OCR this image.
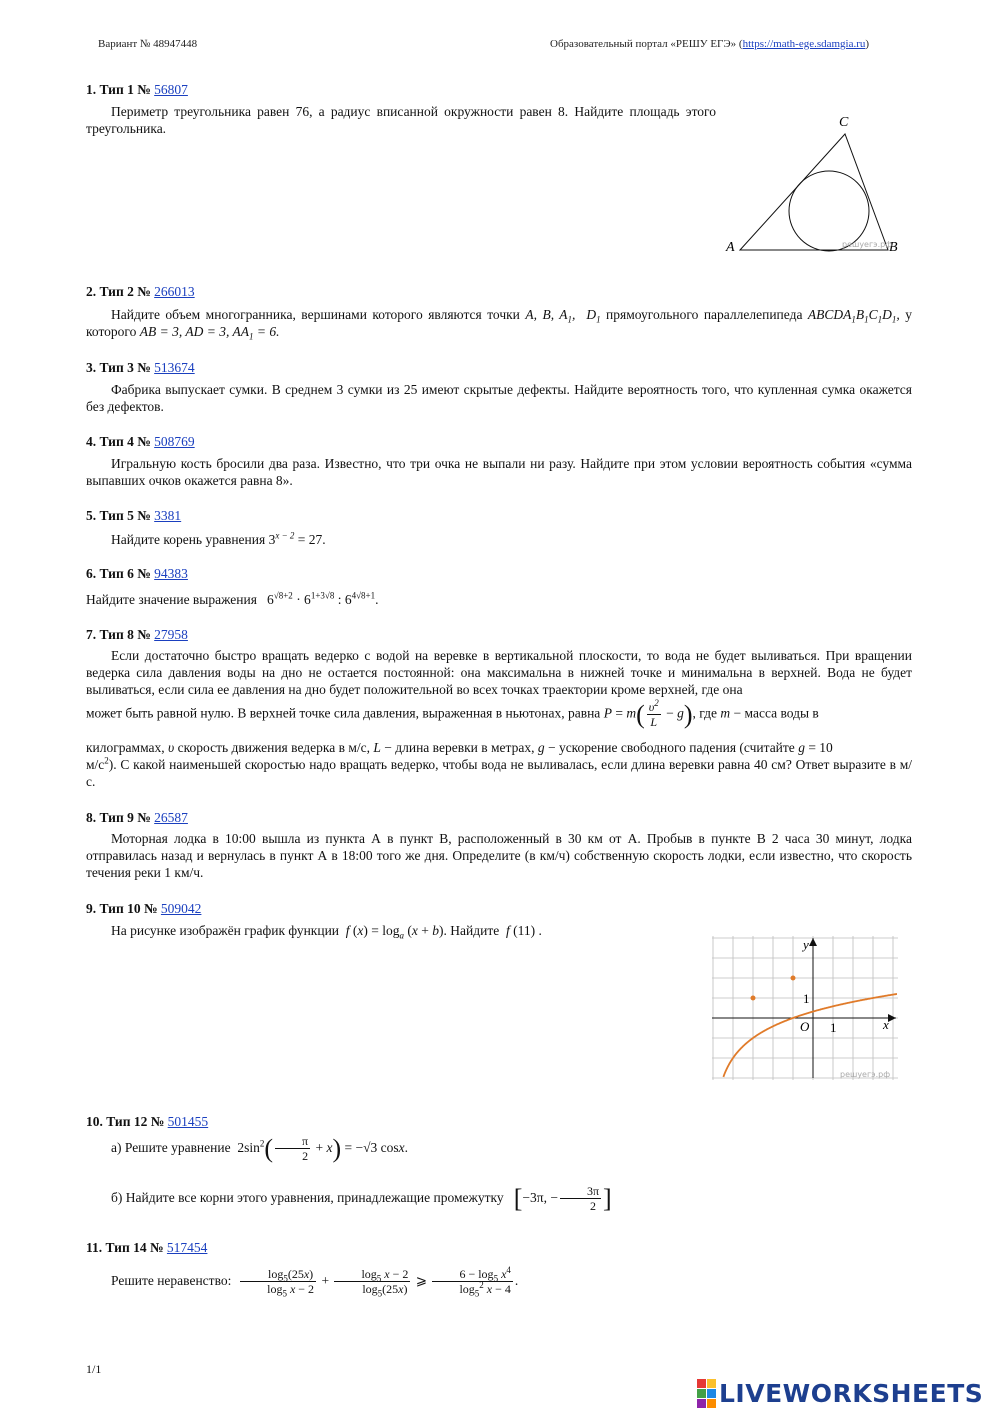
Вариант № 48947448	Образовательный портал «РЕШУ ЕГЭ» (https://math-ege.sdamgia.ru)
1. Тип 1 № 56807
Периметр треугольника равен 76, а радиус вписанной окружности равен 8. Найдите площадь этого треугольника.
A	B
C
решуегэ.рф
2. Тип 2 № 266013
Найдите объем многогранника, вершинами которого являются точки A, B, $A_1$,  $D_1$ прямоугольного параллелепипеда $ABCDA_1B_1C_1D_1$, у которого AB = 3, AD = 3, $AA_1 = 6$.
3. Тип 3 № 513674
Фабрика выпускает сумки. В среднем 3 сумки из 25 имеют скрытые дефекты. Найдите вероятность того, что купленная сумка окажется без дефектов.
4. Тип 4 № 508769
Игральную кость бросили два раза. Известно, что три очка не выпали ни разу. Найдите при этом условии вероятность события «сумма выпавших очков окажется равна 8».
5. Тип 5 № 3381
Найдите корень уравнения $3^{x - 2} = 27$.
6. Тип 6 № 94383
Найдите значение выражения   $6^{√8+2} \cdot 6^{1+3√8}$ : $6^{4√8+1}$.
7. Тип 8 № 27958
Если достаточно быстро вращать ведерко с водой на веревке в вертикальной плоскости, то вода не будет выливаться. При вращении ведерка сила давления воды на дно не остается постоянной: она максимальна в нижней точке и минимальна в верхней. Вода не будет выливаться, если сила ее давления на дно будет положительной во всех точках траектории кроме верхней, где она
может быть равной нулю. В верхней точке сила давления, выраженная в ньютонах, равна $P = m( \frac{\upsilon^2}{L} - g)$, где m − масса воды в
килограммах, υ скорость движения ведерка в м/с, L − длина веревки в метрах, g − ускорение свободного падения (считайте g = 10
$м/с^2$). С какой наименьшей скоростью надо вращать ведерко, чтобы вода не выливалась, если длина веревки равна 40 см? Ответ выразите в м/с.
8. Тип 9 № 26587
Моторная лодка в 10:00 вышла из пункта А в пункт В, расположенный в 30 км от А. Пробыв в пункте В 2 часа 30 минут, лодка отправилась назад и вернулась в пункт А в 18:00 того же дня. Определите (в км/ч) собственную скорость лодки, если известно, что скорость течения реки 1 км/ч.
9. Тип 10 № 509042
На рисунке изображён график функции  f $(x) = \log_a (x + b)$. Найдите  f (11) .
y
x
O 1
1
решуегэ.рф
10. Тип 12 № 501455
а) Решите уравнение  $2\sin^2( \frac{\pi}{2} + x) = -√3$ cosx.
б) Найдите все корни этого уравнения, принадлежащие промежутку   [−3π, − $\frac{3\pi}{2}$ ]
11. Тип 14 № 517454
Решите неравенство: $\frac{\log_5(25x)}{\log_5 x - 2} + \frac{\log_5 x - 2}{\log_5(25x)}$ ⩾ $\frac{6 - \log_5 x^4}{\log_5^2 x - 4}$ .
1/1
LIVEWORKSHEETS
